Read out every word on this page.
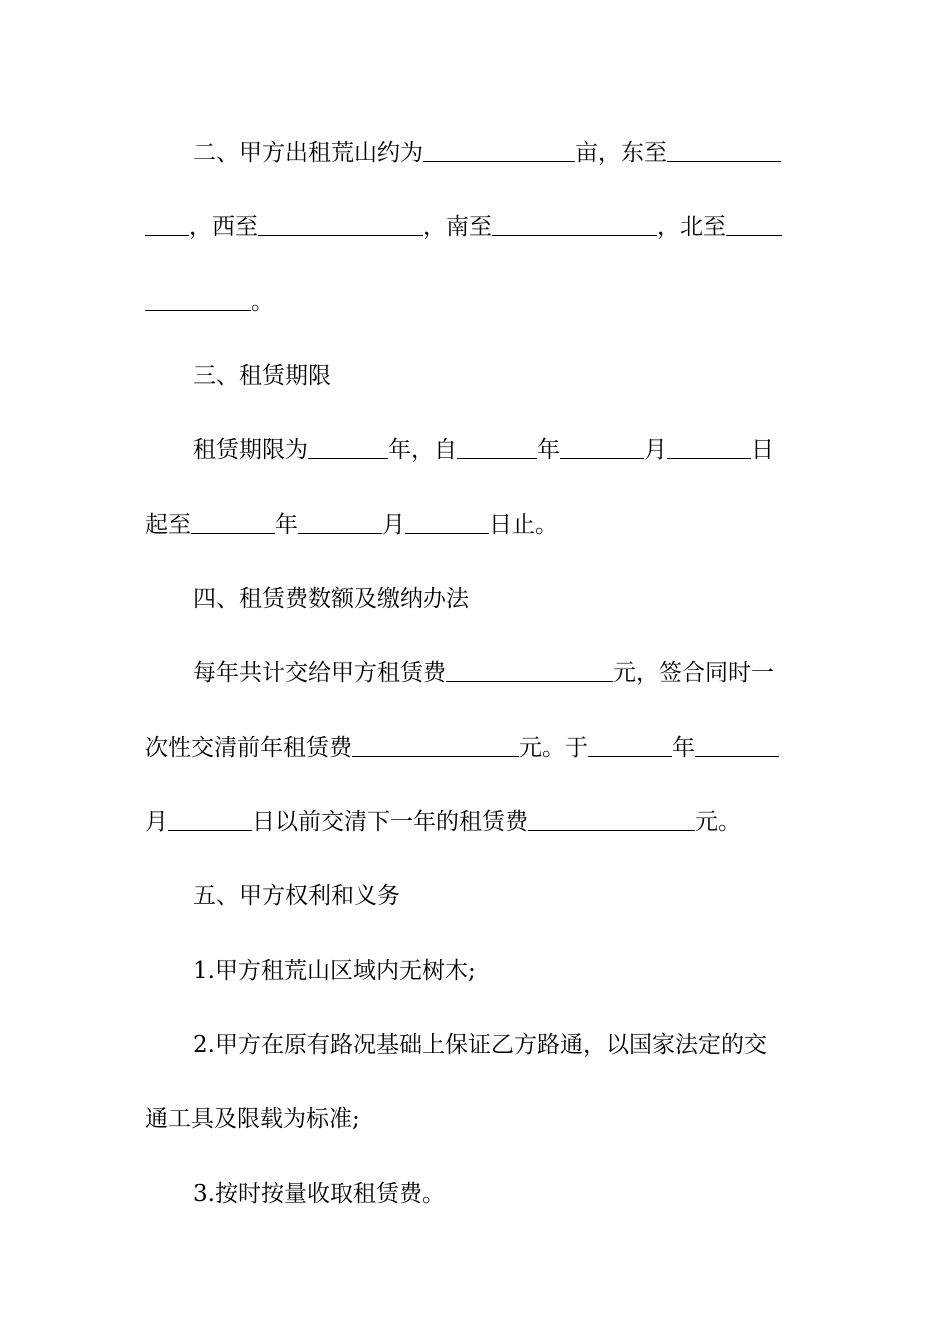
二、甲方出租荒山约为	亩，东至
，西至	，南至	，北至
。
三、租赁期限
租赁期限为	年，自	年	月	日
起至	年	月	日止。
四、租赁费数额及缴纳办法
每年共计交给甲方租赁费	元，签合同时一
次性交清前年租赁费	元。于	年
月	日以前交清下一年的租赁费	元。
五、甲方权利和义务
1.甲方租荒山区域内无树木;
2.甲方在原有路况基础上保证乙方路通，以国家法定的交
通工具及限载为标准;
3.按时按量收取租赁费。
